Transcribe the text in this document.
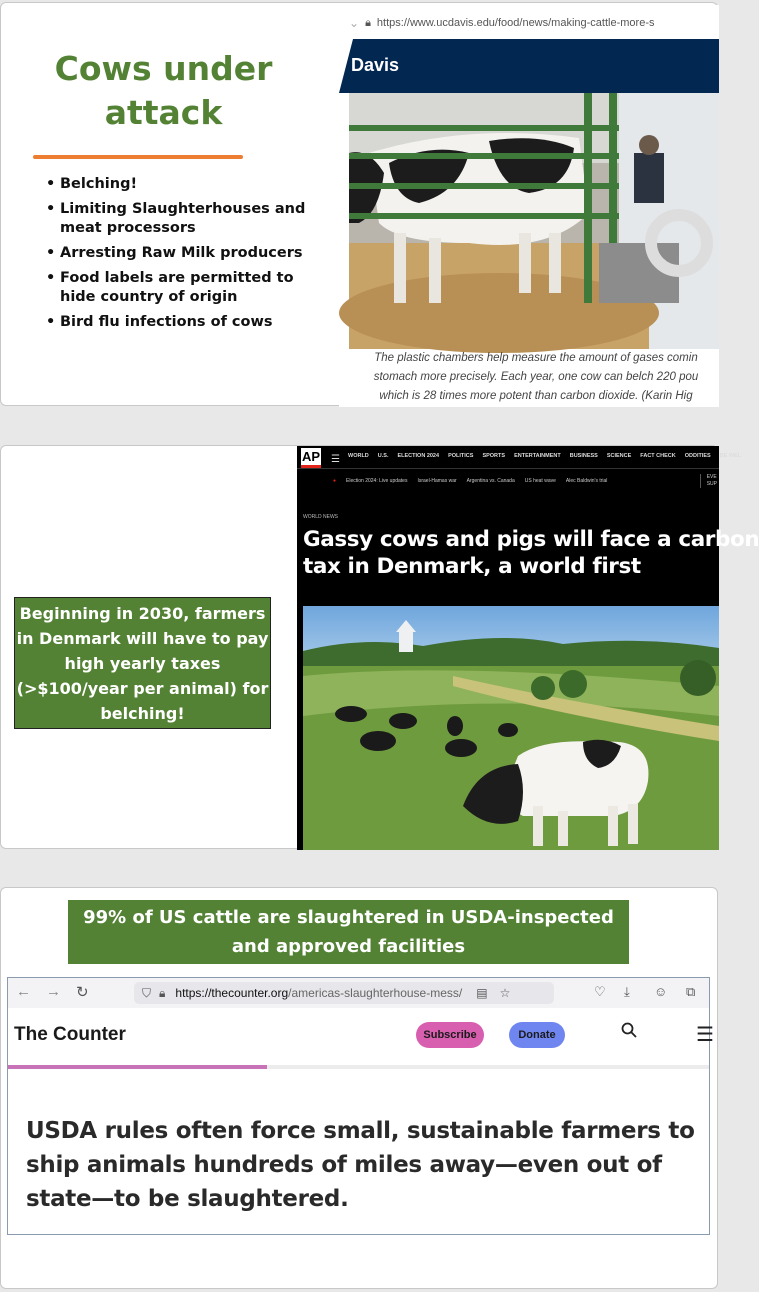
Cows under
attack
• Belching!
• Limiting Slaughterhouses and meat processors
• Arresting Raw Milk producers
• Food labels are permitted to hide country of origin
• Bird flu infections of cows
⌄ 🔒︎ https://www.ucdavis.edu/food/news/making-cattle-more-s
Davis
The plastic chambers help measure the amount of gases comin
stomach more precisely. Each year, one cow can belch 220 pou
which is 28 times more potent than carbon dioxide. (Karin Hig
Beginning in 2030, farmers in Denmark will have to pay high yearly taxes (>$100/year per animal) for belching!
AP ☰ WORLD U.S. ELECTION 2024 POLITICS SPORTS ENTERTAINMENT BUSINESS SCIENCE FACT CHECK ODDITIES BE WEL
● Election 2024: Live updates Israel-Hamas war Argentina vs. Canada US heat wave Alec Baldwin's trial
EVE
SUP
WORLD NEWS
Gassy cows and pigs will face a carbon
tax in Denmark, a world first
99% of US cattle are slaughtered in USDA-inspected
and approved facilities
← → ↻	⛉ 🔒︎ https://thecounter.org/americas-slaughterhouse-mess/ ▤ ☆	♡ ⤓ ☺ ⧉
The Counter	Subscribe	Donate	☰
USDA rules often force small, sustainable farmers to ship animals hundreds of miles away—even out of state—to be slaughtered.
